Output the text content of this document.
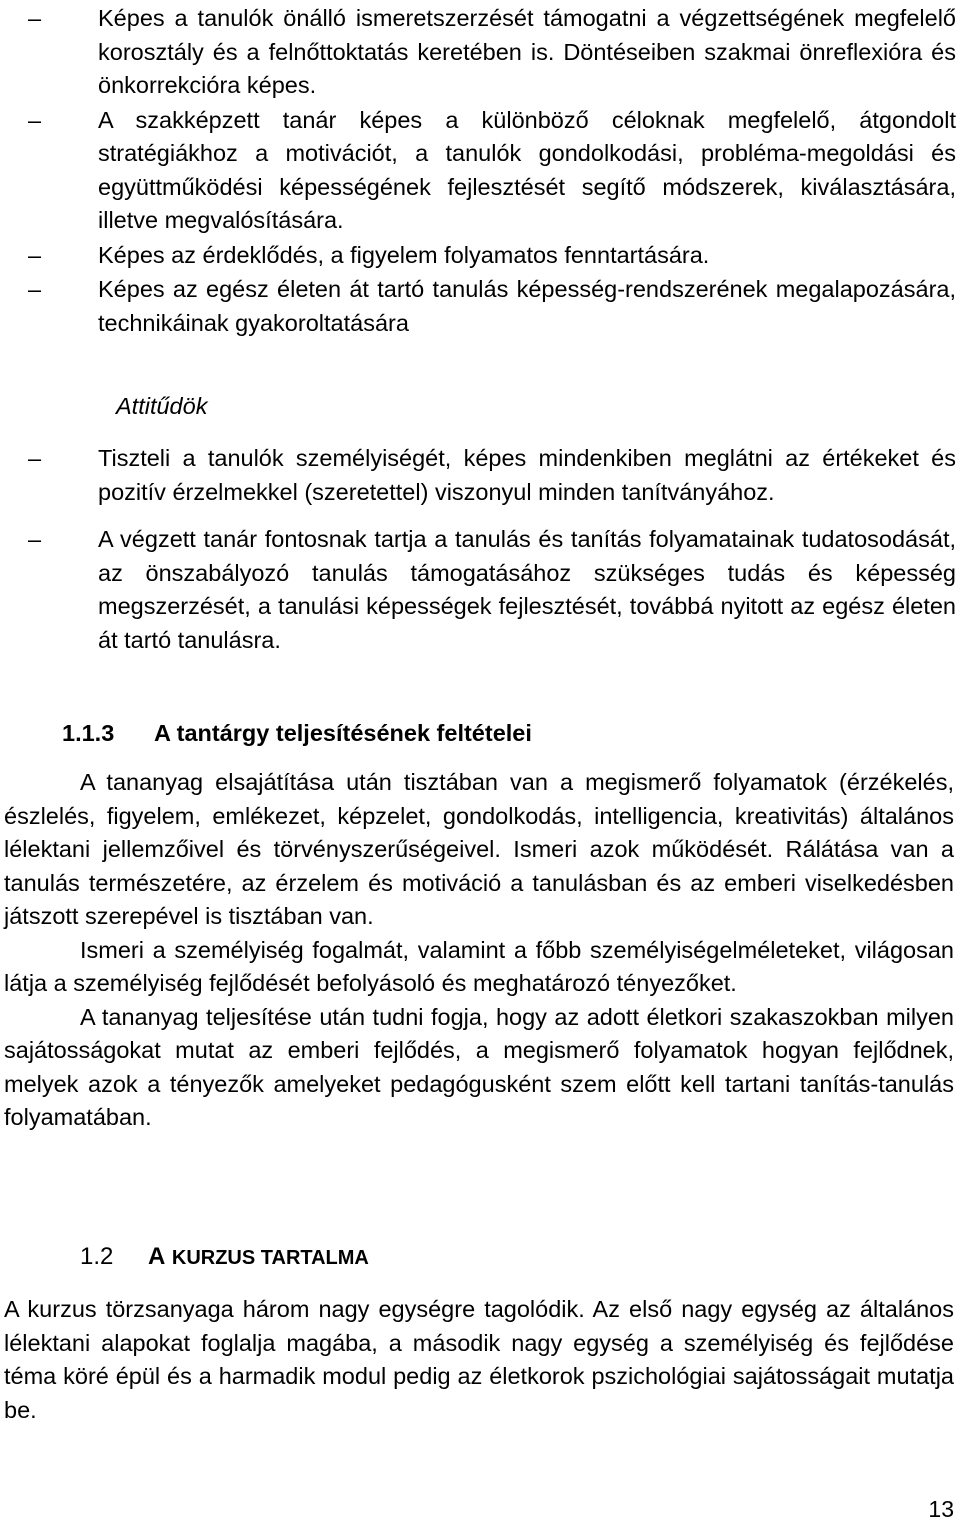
–	Képes a tanulók önálló ismeretszerzését támogatni a végzettségének megfelelő korosztály és a felnőttoktatás keretében is. Döntéseiben szakmai önreflexióra és önkorrekcióra képes.
–	A szakképzett tanár képes a különböző céloknak megfelelő, átgondolt stratégiákhoz a motivációt, a tanulók gondolkodási, probléma-megoldási és együttműködési képességének fejlesztését segítő módszerek, kiválasztására, illetve megvalósítására.
–	Képes az érdeklődés, a figyelem folyamatos fenntartására.
–	Képes az egész életen át tartó tanulás képesség-rendszerének megalapozására, technikáinak gyakoroltatására
Attitűdök
–	Tiszteli a tanulók személyiségét, képes mindenkiben meglátni az értékeket és pozitív érzelmekkel (szeretettel) viszonyul minden tanítványához.
–	A végzett tanár fontosnak tartja a tanulás és tanítás folyamatainak tudatosodását, az önszabályozó tanulás támogatásához szükséges tudás és képesség megszerzését, a tanulási képességek fejlesztését, továbbá nyitott az egész életen át tartó tanulásra.
1.1.3 A tantárgy teljesítésének feltételei

A tananyag elsajátítása után tisztában van a megismerő folyamatok (érzékelés, észlelés, figyelem, emlékezet, képzelet, gondolkodás, intelligencia, kreativitás) általános lélektani jellemzőivel és törvényszerűségeivel. Ismeri azok működését. Rálátása van a tanulás természetére, az érzelem és motiváció a tanulásban és az emberi viselkedésben játszott szerepével is tisztában van.

Ismeri a személyiség fogalmát, valamint a főbb személyiségelméleteket, világosan látja a személyiség fejlődését befolyásoló és meghatározó tényezőket.

A tananyag teljesítése után tudni fogja, hogy az adott életkori szakaszokban milyen sajátosságokat mutat az emberi fejlődés, a megismerő folyamatok hogyan fejlődnek, melyek azok a tényezők amelyeket pedagógusként szem előtt kell tartani tanítás-tanulás folyamatában.

1.2 A KURZUS TARTALMA

A kurzus törzsanyaga három nagy egységre tagolódik. Az első nagy egység az általános lélektani alapokat foglalja magába, a második nagy egység a személyiség és fejlődése téma köré épül és a harmadik modul pedig az életkorok pszichológiai sajátosságait mutatja be.

13
